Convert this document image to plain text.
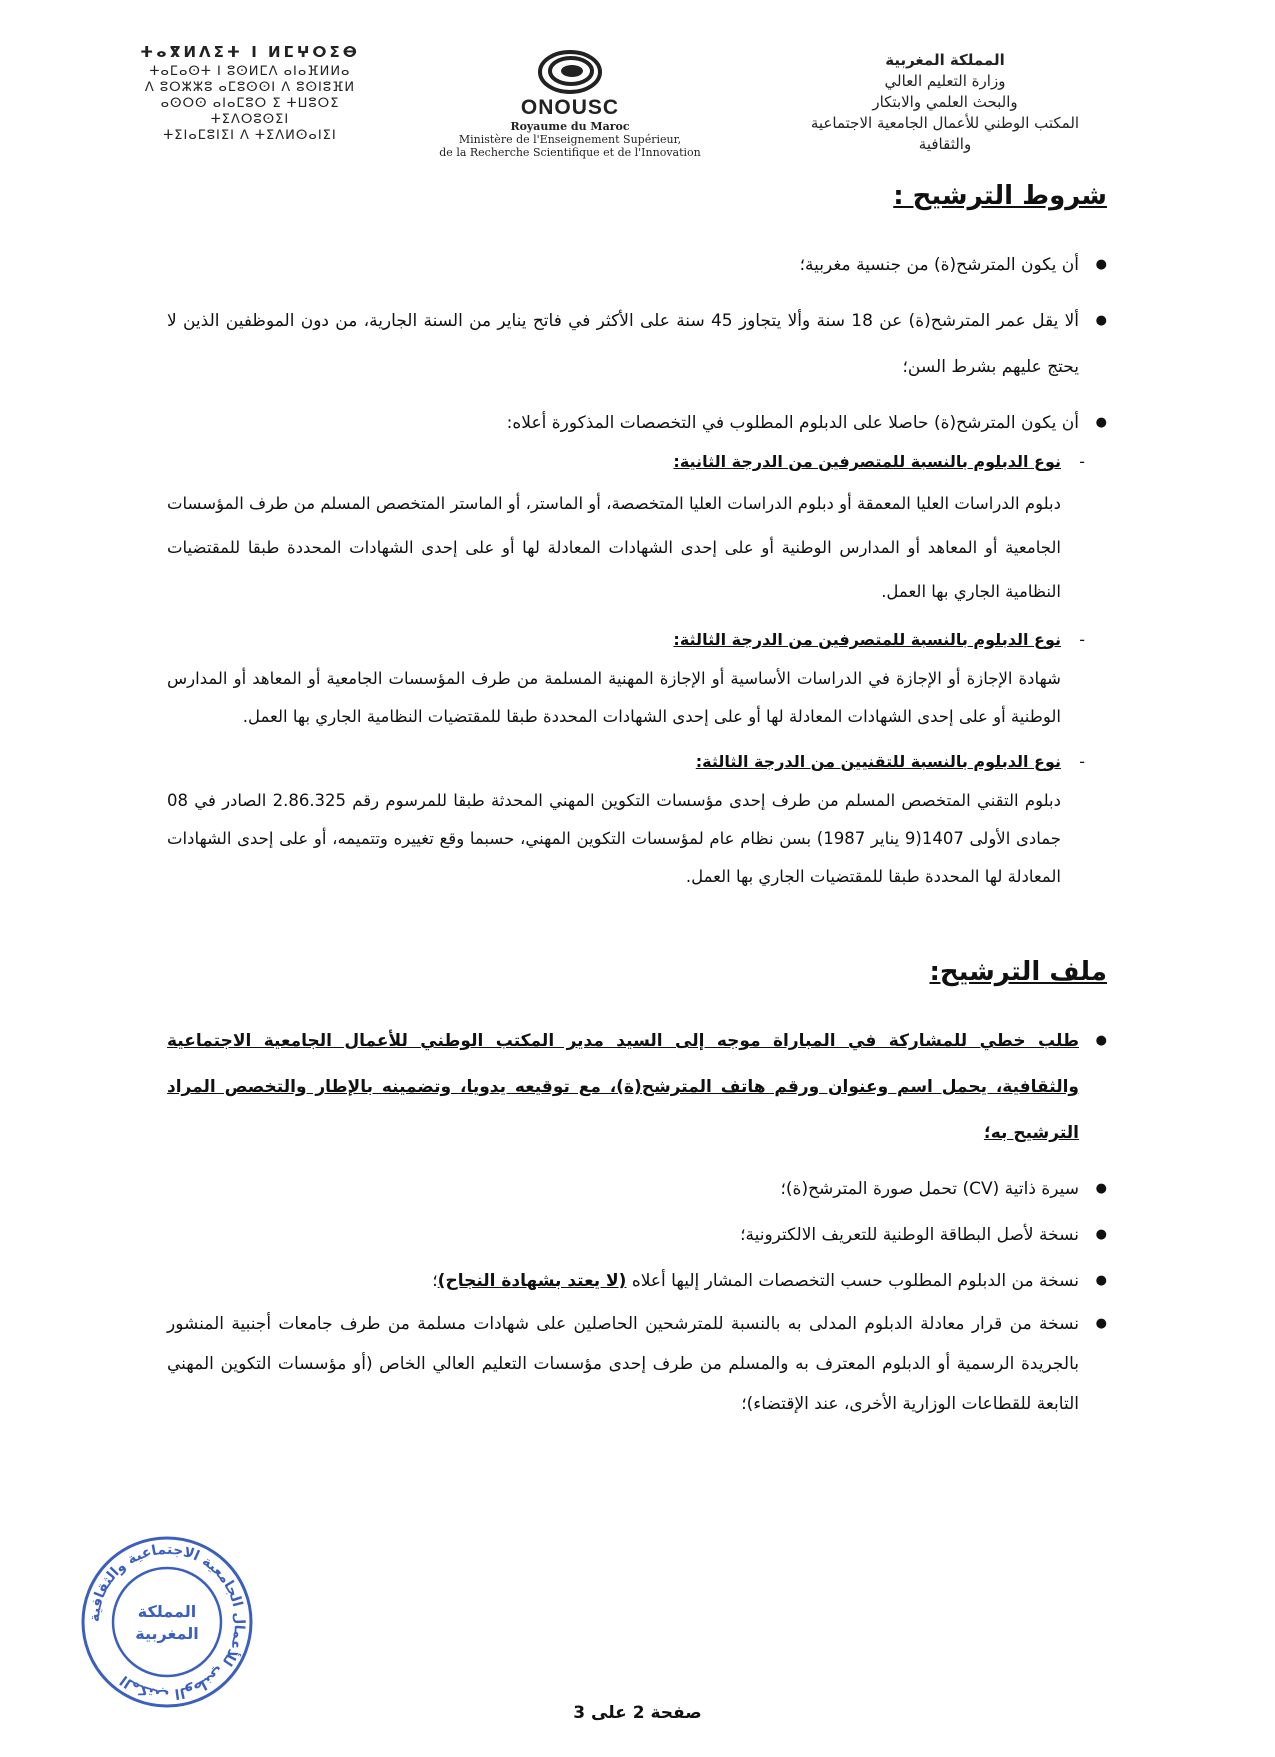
المملكة المغربية
وزارة التعليم العالي
والبحث العلمي والابتكار
المكتب الوطني للأعمال الجامعية الاجتماعية
والثقافية
ⵜⴰⴳⵍⴷⵉⵜ ⵏ ⵍⵎⵖⵔⵉⴱ
ⵜⴰⵎⴰⵙⵜ ⵏ ⵓⵙⵍⵎⴷ ⴰⵏⴰⴼⵍⵍⴰ
ⴷ ⵓⵔⵣⵣⵓ ⴰⵎⵓⵙⵙⵏ ⴷ ⵓⵙⵏⵓⴼⵍ
ⴰⵙⵔⵙ ⴰⵏⴰⵎⵓⵔ ⵉ ⵜⵡⵓⵔⵉ ⵜⵉⴷⵔⵓⵙⵉⵏ
ⵜⵉⵏⴰⵎⵓⵏⵉⵏ ⴷ ⵜⵉⴷⵍⵙⴰⵏⵉⵏ
ONOUSC
Royaume du Maroc
Ministère de l'Enseignement Supérieur,
de la Recherche Scientifique et de l'Innovation
شروط الترشيح :
● أن يكون المترشح(ة) من جنسية مغربية؛
● ألا يقل عمر المترشح(ة) عن 18 سنة وألا يتجاوز 45 سنة على الأكثر في فاتح يناير من السنة الجارية، من دون الموظفين الذين لا يحتج عليهم بشرط السن؛
● أن يكون المترشح(ة) حاصلا على الدبلوم المطلوب في التخصصات المذكورة أعلاه:
- نوع الدبلوم بالنسبة للمتصرفين من الدرجة الثانية:
دبلوم الدراسات العليا المعمقة أو دبلوم الدراسات العليا المتخصصة، أو الماستر، أو الماستر المتخصص المسلم من طرف المؤسسات الجامعية أو المعاهد أو المدارس الوطنية أو على إحدى الشهادات المعادلة لها أو على إحدى الشهادات المحددة طبقا للمقتضيات النظامية الجاري بها العمل.
- نوع الدبلوم بالنسبة للمتصرفين من الدرجة الثالثة:
شهادة الإجازة أو الإجازة في الدراسات الأساسية أو الإجازة المهنية المسلمة من طرف المؤسسات الجامعية أو المعاهد أو المدارس الوطنية أو على إحدى الشهادات المعادلة لها أو على إحدى الشهادات المحددة طبقا للمقتضيات النظامية الجاري بها العمل.
- نوع الدبلوم بالنسبة للتقنيين من الدرجة الثالثة:
دبلوم التقني المتخصص المسلم من طرف إحدى مؤسسات التكوين المهني المحدثة طبقا للمرسوم رقم 2.86.325 الصادر في 08 جمادى الأولى 1407(9 يناير 1987) بسن نظام عام لمؤسسات التكوين المهني، حسبما وقع تغييره وتتميمه، أو على إحدى الشهادات المعادلة لها المحددة طبقا للمقتضيات الجاري بها العمل.
ملف الترشيح:
● طلب خطي للمشاركة في المباراة موجه إلى السيد مدير المكتب الوطني للأعمال الجامعية الاجتماعية والثقافية، يحمل اسم وعنوان ورقم هاتف المترشح(ة)، مع توقيعه يدويا، وتضمينه بالإطار والتخصص المراد الترشيح به؛
● سيرة ذاتية (CV) تحمل صورة المترشح(ة)؛
● نسخة لأصل البطاقة الوطنية للتعريف الالكترونية؛
● نسخة من الدبلوم المطلوب حسب التخصصات المشار إليها أعلاه (لا يعتد بشهادة النجاح)؛
● نسخة من قرار معادلة الدبلوم المدلى به بالنسبة للمترشحين الحاصلين على شهادات مسلمة من طرف جامعات أجنبية المنشور بالجريدة الرسمية أو الدبلوم المعترف به والمسلم من طرف إحدى مؤسسات التعليم العالي الخاص (أو مؤسسات التكوين المهني التابعة للقطاعات الوزارية الأخرى، عند الإقتضاء)؛
المكتب الوطني للأعمال الجامعية الاجتماعية والثقافية
المملكة
المغربية
صفحة 2 على 3
